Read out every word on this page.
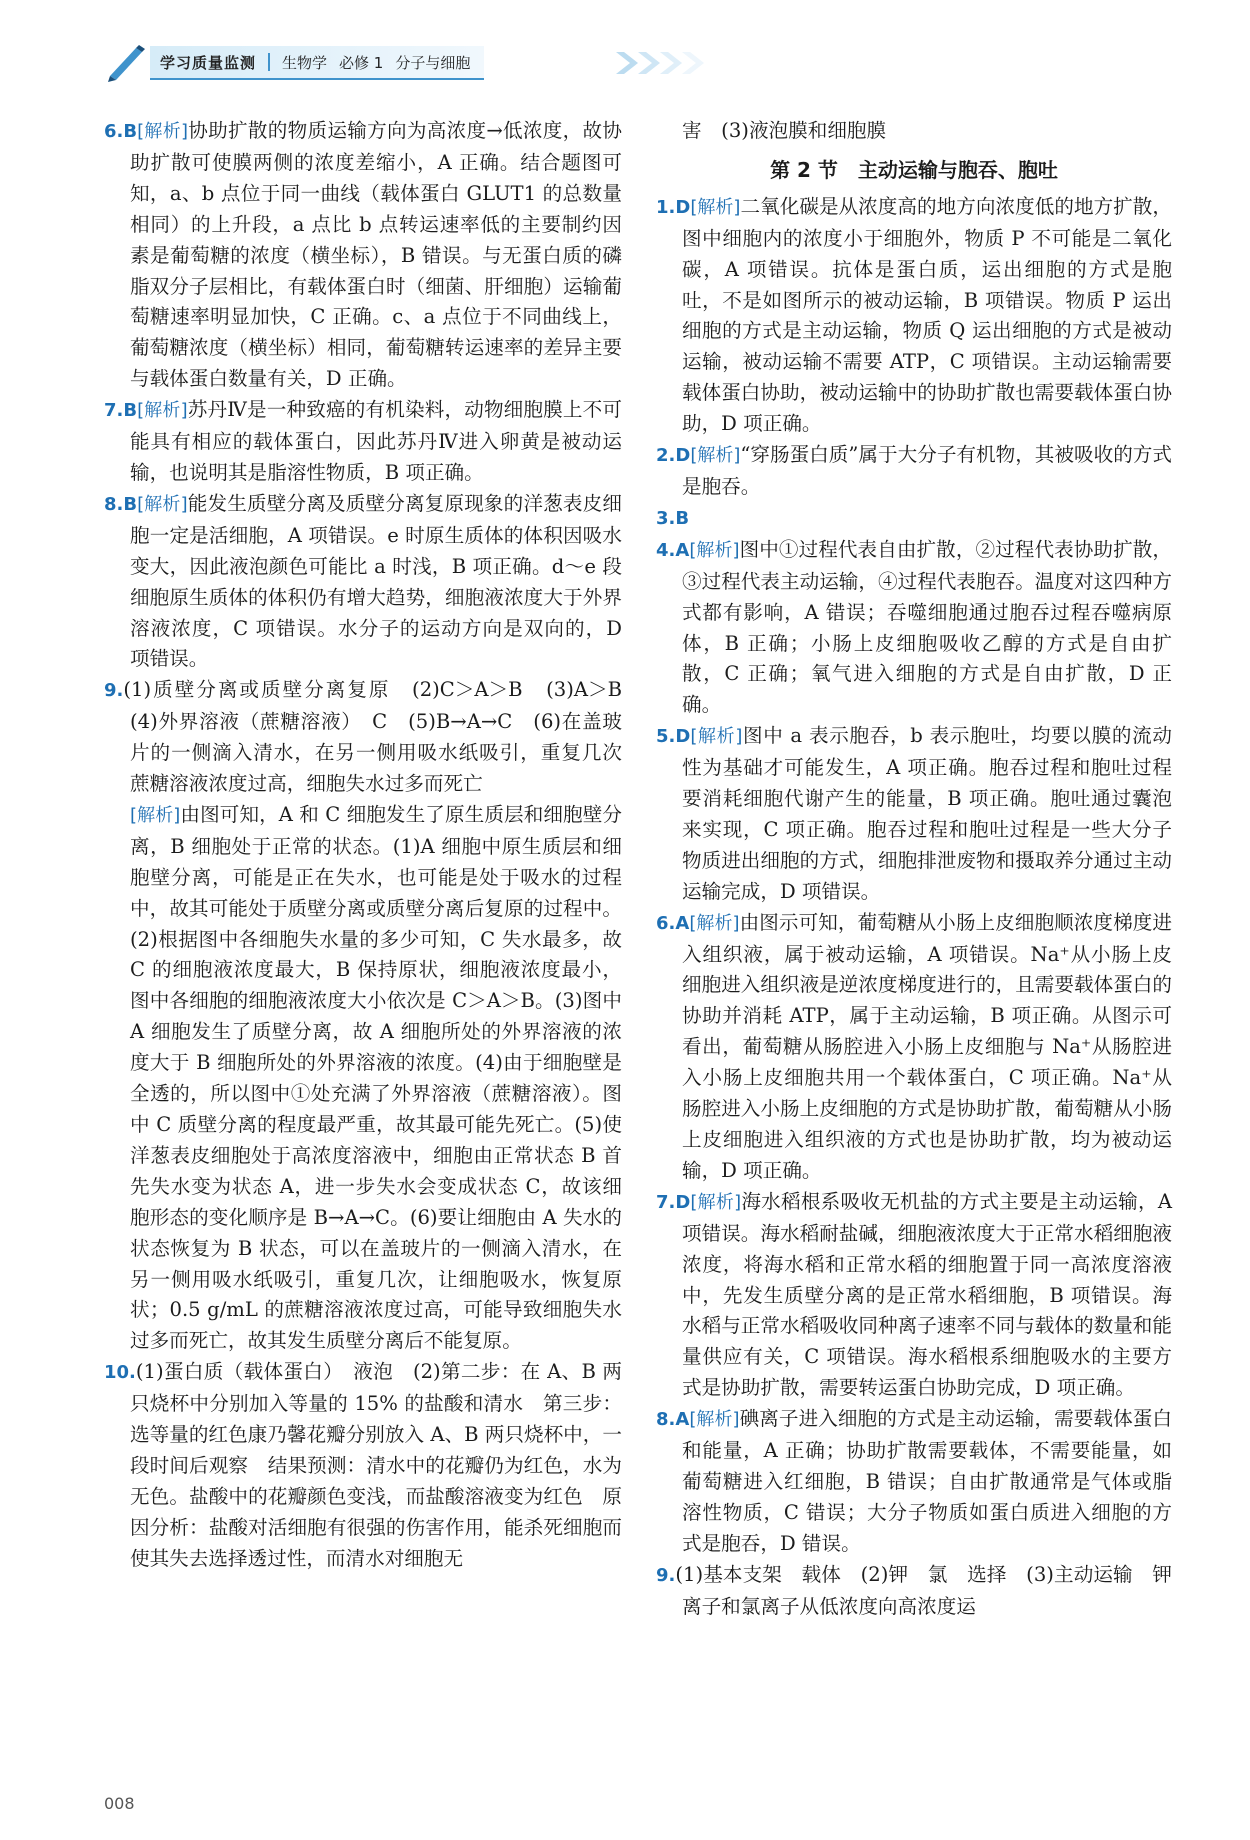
学习质量监测 生物学 必修 1 分子与细胞

6.B[解析]协助扩散的物质运输方向为高浓度→低浓度，故协助扩散可使膜两侧的浓度差缩小，A 正确。结合题图可知，a、b 点位于同一曲线（载体蛋白 GLUT1 的总数量相同）的上升段，a 点比 b 点转运速率低的主要制约因素是葡萄糖的浓度（横坐标），B 错误。与无蛋白质的磷脂双分子层相比，有载体蛋白时（细菌、肝细胞）运输葡萄糖速率明显加快，C 正确。c、a 点位于不同曲线上，葡萄糖浓度（横坐标）相同，葡萄糖转运速率的差异主要与载体蛋白数量有关，D 正确。

7.B[解析]苏丹Ⅳ是一种致癌的有机染料，动物细胞膜上不可能具有相应的载体蛋白，因此苏丹Ⅳ进入卵黄是被动运输，也说明其是脂溶性物质，B 项正确。

8.B[解析]能发生质壁分离及质壁分离复原现象的洋葱表皮细胞一定是活细胞，A 项错误。e 时原生质体的体积因吸水变大，因此液泡颜色可能比 a 时浅，B 项正确。d～e 段细胞原生质体的体积仍有增大趋势，细胞液浓度大于外界溶液浓度，C 项错误。水分子的运动方向是双向的，D 项错误。

9.(1)质壁分离或质壁分离复原　(2)C＞A＞B　(3)A＞B　(4)外界溶液（蔗糖溶液）　C　(5)B→A→C　(6)在盖玻片的一侧滴入清水，在另一侧用吸水纸吸引，重复几次　蔗糖溶液浓度过高，细胞失水过多而死亡

[解析]由图可知，A 和 C 细胞发生了原生质层和细胞壁分离，B 细胞处于正常的状态。(1)A 细胞中原生质层和细胞壁分离，可能是正在失水，也可能是处于吸水的过程中，故其可能处于质壁分离或质壁分离后复原的过程中。(2)根据图中各细胞失水量的多少可知，C 失水最多，故 C 的细胞液浓度最大，B 保持原状，细胞液浓度最小，图中各细胞的细胞液浓度大小依次是 C＞A＞B。(3)图中 A 细胞发生了质壁分离，故 A 细胞所处的外界溶液的浓度大于 B 细胞所处的外界溶液的浓度。(4)由于细胞壁是全透的，所以图中①处充满了外界溶液（蔗糖溶液）。图中 C 质壁分离的程度最严重，故其最可能先死亡。(5)使洋葱表皮细胞处于高浓度溶液中，细胞由正常状态 B 首先失水变为状态 A，进一步失水会变成状态 C，故该细胞形态的变化顺序是 B→A→C。(6)要让细胞由 A 失水的状态恢复为 B 状态，可以在盖玻片的一侧滴入清水，在另一侧用吸水纸吸引，重复几次，让细胞吸水，恢复原状；0.5 g/mL 的蔗糖溶液浓度过高，可能导致细胞失水过多而死亡，故其发生质壁分离后不能复原。

10.(1)蛋白质（载体蛋白）　液泡　(2)第二步：在 A、B 两只烧杯中分别加入等量的 15% 的盐酸和清水　第三步：选等量的红色康乃馨花瓣分别放入 A、B 两只烧杯中，一段时间后观察　结果预测：清水中的花瓣仍为红色，水为无色。盐酸中的花瓣颜色变浅，而盐酸溶液变为红色　原因分析：盐酸对活细胞有很强的伤害作用，能杀死细胞而使其失去选择透过性，而清水对细胞无

害　(3)液泡膜和细胞膜

第 2 节　主动运输与胞吞、胞吐

1.D[解析]二氧化碳是从浓度高的地方向浓度低的地方扩散，图中细胞内的浓度小于细胞外，物质 P 不可能是二氧化碳，A 项错误。抗体是蛋白质，运出细胞的方式是胞吐，不是如图所示的被动运输，B 项错误。物质 P 运出细胞的方式是主动运输，物质 Q 运出细胞的方式是被动运输，被动运输不需要 ATP，C 项错误。主动运输需要载体蛋白协助，被动运输中的协助扩散也需要载体蛋白协助，D 项正确。

2.D[解析]“穿肠蛋白质”属于大分子有机物，其被吸收的方式是胞吞。

3.B

4.A[解析]图中①过程代表自由扩散，②过程代表协助扩散，③过程代表主动运输，④过程代表胞吞。温度对这四种方式都有影响，A 错误；吞噬细胞通过胞吞过程吞噬病原体，B 正确；小肠上皮细胞吸收乙醇的方式是自由扩散，C 正确；氧气进入细胞的方式是自由扩散，D 正确。

5.D[解析]图中 a 表示胞吞，b 表示胞吐，均要以膜的流动性为基础才可能发生，A 项正确。胞吞过程和胞吐过程要消耗细胞代谢产生的能量，B 项正确。胞吐通过囊泡来实现，C 项正确。胞吞过程和胞吐过程是一些大分子物质进出细胞的方式，细胞排泄废物和摄取养分通过主动运输完成，D 项错误。

6.A[解析]由图示可知，葡萄糖从小肠上皮细胞顺浓度梯度进入组织液，属于被动运输，A 项错误。Na⁺从小肠上皮细胞进入组织液是逆浓度梯度进行的，且需要载体蛋白的协助并消耗 ATP，属于主动运输，B 项正确。从图示可看出，葡萄糖从肠腔进入小肠上皮细胞与 Na⁺从肠腔进入小肠上皮细胞共用一个载体蛋白，C 项正确。Na⁺从肠腔进入小肠上皮细胞的方式是协助扩散，葡萄糖从小肠上皮细胞进入组织液的方式也是协助扩散，均为被动运输，D 项正确。

7.D[解析]海水稻根系吸收无机盐的方式主要是主动运输，A 项错误。海水稻耐盐碱，细胞液浓度大于正常水稻细胞液浓度，将海水稻和正常水稻的细胞置于同一高浓度溶液中，先发生质壁分离的是正常水稻细胞，B 项错误。海水稻与正常水稻吸收同种离子速率不同与载体的数量和能量供应有关，C 项错误。海水稻根系细胞吸水的主要方式是协助扩散，需要转运蛋白协助完成，D 项正确。

8.A[解析]碘离子进入细胞的方式是主动运输，需要载体蛋白和能量，A 正确；协助扩散需要载体，不需要能量，如葡萄糖进入红细胞，B 错误；自由扩散通常是气体或脂溶性物质，C 错误；大分子物质如蛋白质进入细胞的方式是胞吞，D 错误。

9.(1)基本支架　载体　(2)钾　氯　选择　(3)主动运输　钾离子和氯离子从低浓度向高浓度运

008
